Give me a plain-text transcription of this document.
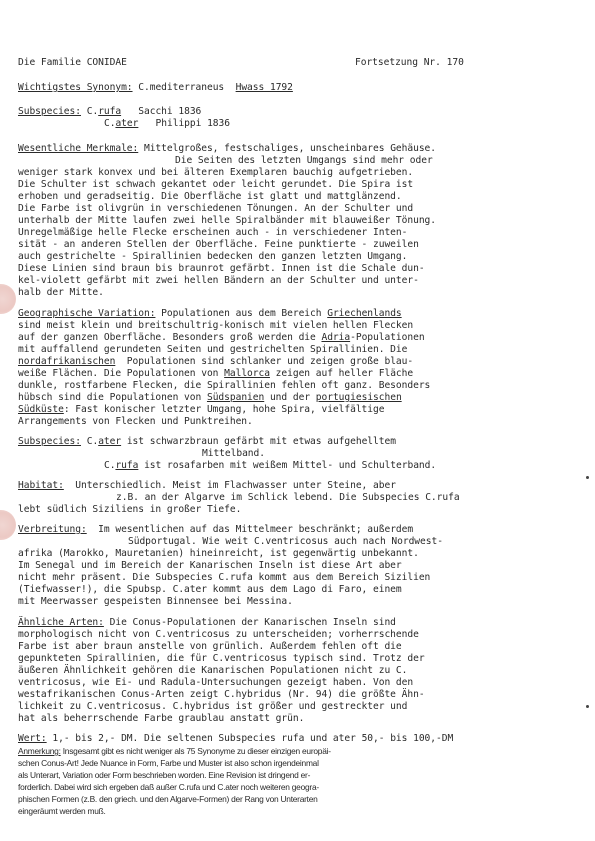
Die Familie CONIDAE	Fortsetzung Nr. 170
Wichtigstes Synonym: C.mediterraneus Hwass 1792
Subspecies: C.rufa Sacchi 1836
C.ater Philippi 1836
Wesentliche Merkmale: Mittelgroßes, festschaliges, unscheinbares Gehäuse.
Die Seiten des letzten Umgangs sind mehr oder
weniger stark konvex und bei älteren Exemplaren bauchig aufgetrieben.
Die Schulter ist schwach gekantet oder leicht gerundet. Die Spira ist
erhoben und geradseitig. Die Oberfläche ist glatt und mattglänzend.
Die Farbe ist olivgrün in verschiedenen Tönungen. An der Schulter und
unterhalb der Mitte laufen zwei helle Spiralbänder mit blauweißer Tönung.
Unregelmäßige helle Flecke erscheinen auch - in verschiedener Inten-
sität - an anderen Stellen der Oberfläche. Feine punktierte - zuweilen
auch gestrichelte - Spirallinien bedecken den ganzen letzten Umgang.
Diese Linien sind braun bis braunrot gefärbt. Innen ist die Schale dun-
kel-violett gefärbt mit zwei hellen Bändern an der Schulter und unter-
halb der Mitte.
Geographische Variation: Populationen aus dem Bereich Griechenlands
sind meist klein und breitschultrig-konisch mit vielen hellen Flecken
auf der ganzen Oberfläche. Besonders groß werden die Adria-Populationen
mit auffallend gerundeten Seiten und gestrichelten Spirallinien. Die
nordafrikanischen  Populationen sind schlanker und zeigen große blau-
weiße Flächen. Die Populationen von Mallorca zeigen auf heller Fläche
dunkle, rostfarbene Flecken, die Spirallinien fehlen oft ganz. Besonders
hübsch sind die Populationen von Südspanien und der portugiesischen
Südküste: Fast konischer letzter Umgang, hohe Spira, vielfältige
Arrangements von Flecken und Punktreihen.
Subspecies: C.ater ist schwarzbraun gefärbt mit etwas aufgehelltem
Mittelband.
C.rufa ist rosafarben mit weißem Mittel- und Schulterband.
Habitat:  Unterschiedlich. Meist im Flachwasser unter Steine, aber
z.B. an der Algarve im Schlick lebend. Die Subspecies C.rufa
lebt südlich Siziliens in großer Tiefe.
Verbreitung:  Im wesentlichen auf das Mittelmeer beschränkt; außerdem
Südportugal. Wie weit C.ventricosus auch nach Nordwest-
afrika (Marokko, Mauretanien) hineinreicht, ist gegenwärtig unbekannt.
Im Senegal und im Bereich der Kanarischen Inseln ist diese Art aber
nicht mehr präsent. Die Subspecies C.rufa kommt aus dem Bereich Sizilien
(Tiefwasser!), die Spubsp. C.ater kommt aus dem Lago di Faro, einem
mit Meerwasser gespeisten Binnensee bei Messina.
Ähnliche Arten: Die Conus-Populationen der Kanarischen Inseln sind
morphologisch nicht von C.ventricosus zu unterscheiden; vorherrschende
Farbe ist aber braun anstelle von grünlich. Außerdem fehlen oft die
gepunkteten Spirallinien, die für C.ventricosus typisch sind. Trotz der
äußeren Ähnlichkeit gehören die Kanarischen Populationen nicht zu C.
ventricosus, wie Ei- und Radula-Untersuchungen gezeigt haben. Von den
westafrikanischen Conus-Arten zeigt C.hybridus (Nr. 94) die größte Ähn-
lichkeit zu C.ventricosus. C.hybridus ist größer und gestreckter und
hat als beherrschende Farbe graublau anstatt grün.
Wert: 1,- bis 2,- DM. Die seltenen Subspecies rufa und ater 50,- bis 100,-DM
Anmerkung: Insgesamt gibt es nicht weniger als 75 Synonyme zu dieser einzigen europäi-
schen Conus-Art! Jede Nuance in Form, Farbe und Muster ist also schon irgendeinmal
als Unterart, Variation oder Form beschrieben worden. Eine Revision ist dringend er-
forderlich. Dabei wird sich ergeben daß außer C.rufa und C.ater noch weiteren geogra-
phischen Formen (z.B. den griech. und den Algarve-Formen) der Rang von Unterarten
eingeräumt werden muß.
